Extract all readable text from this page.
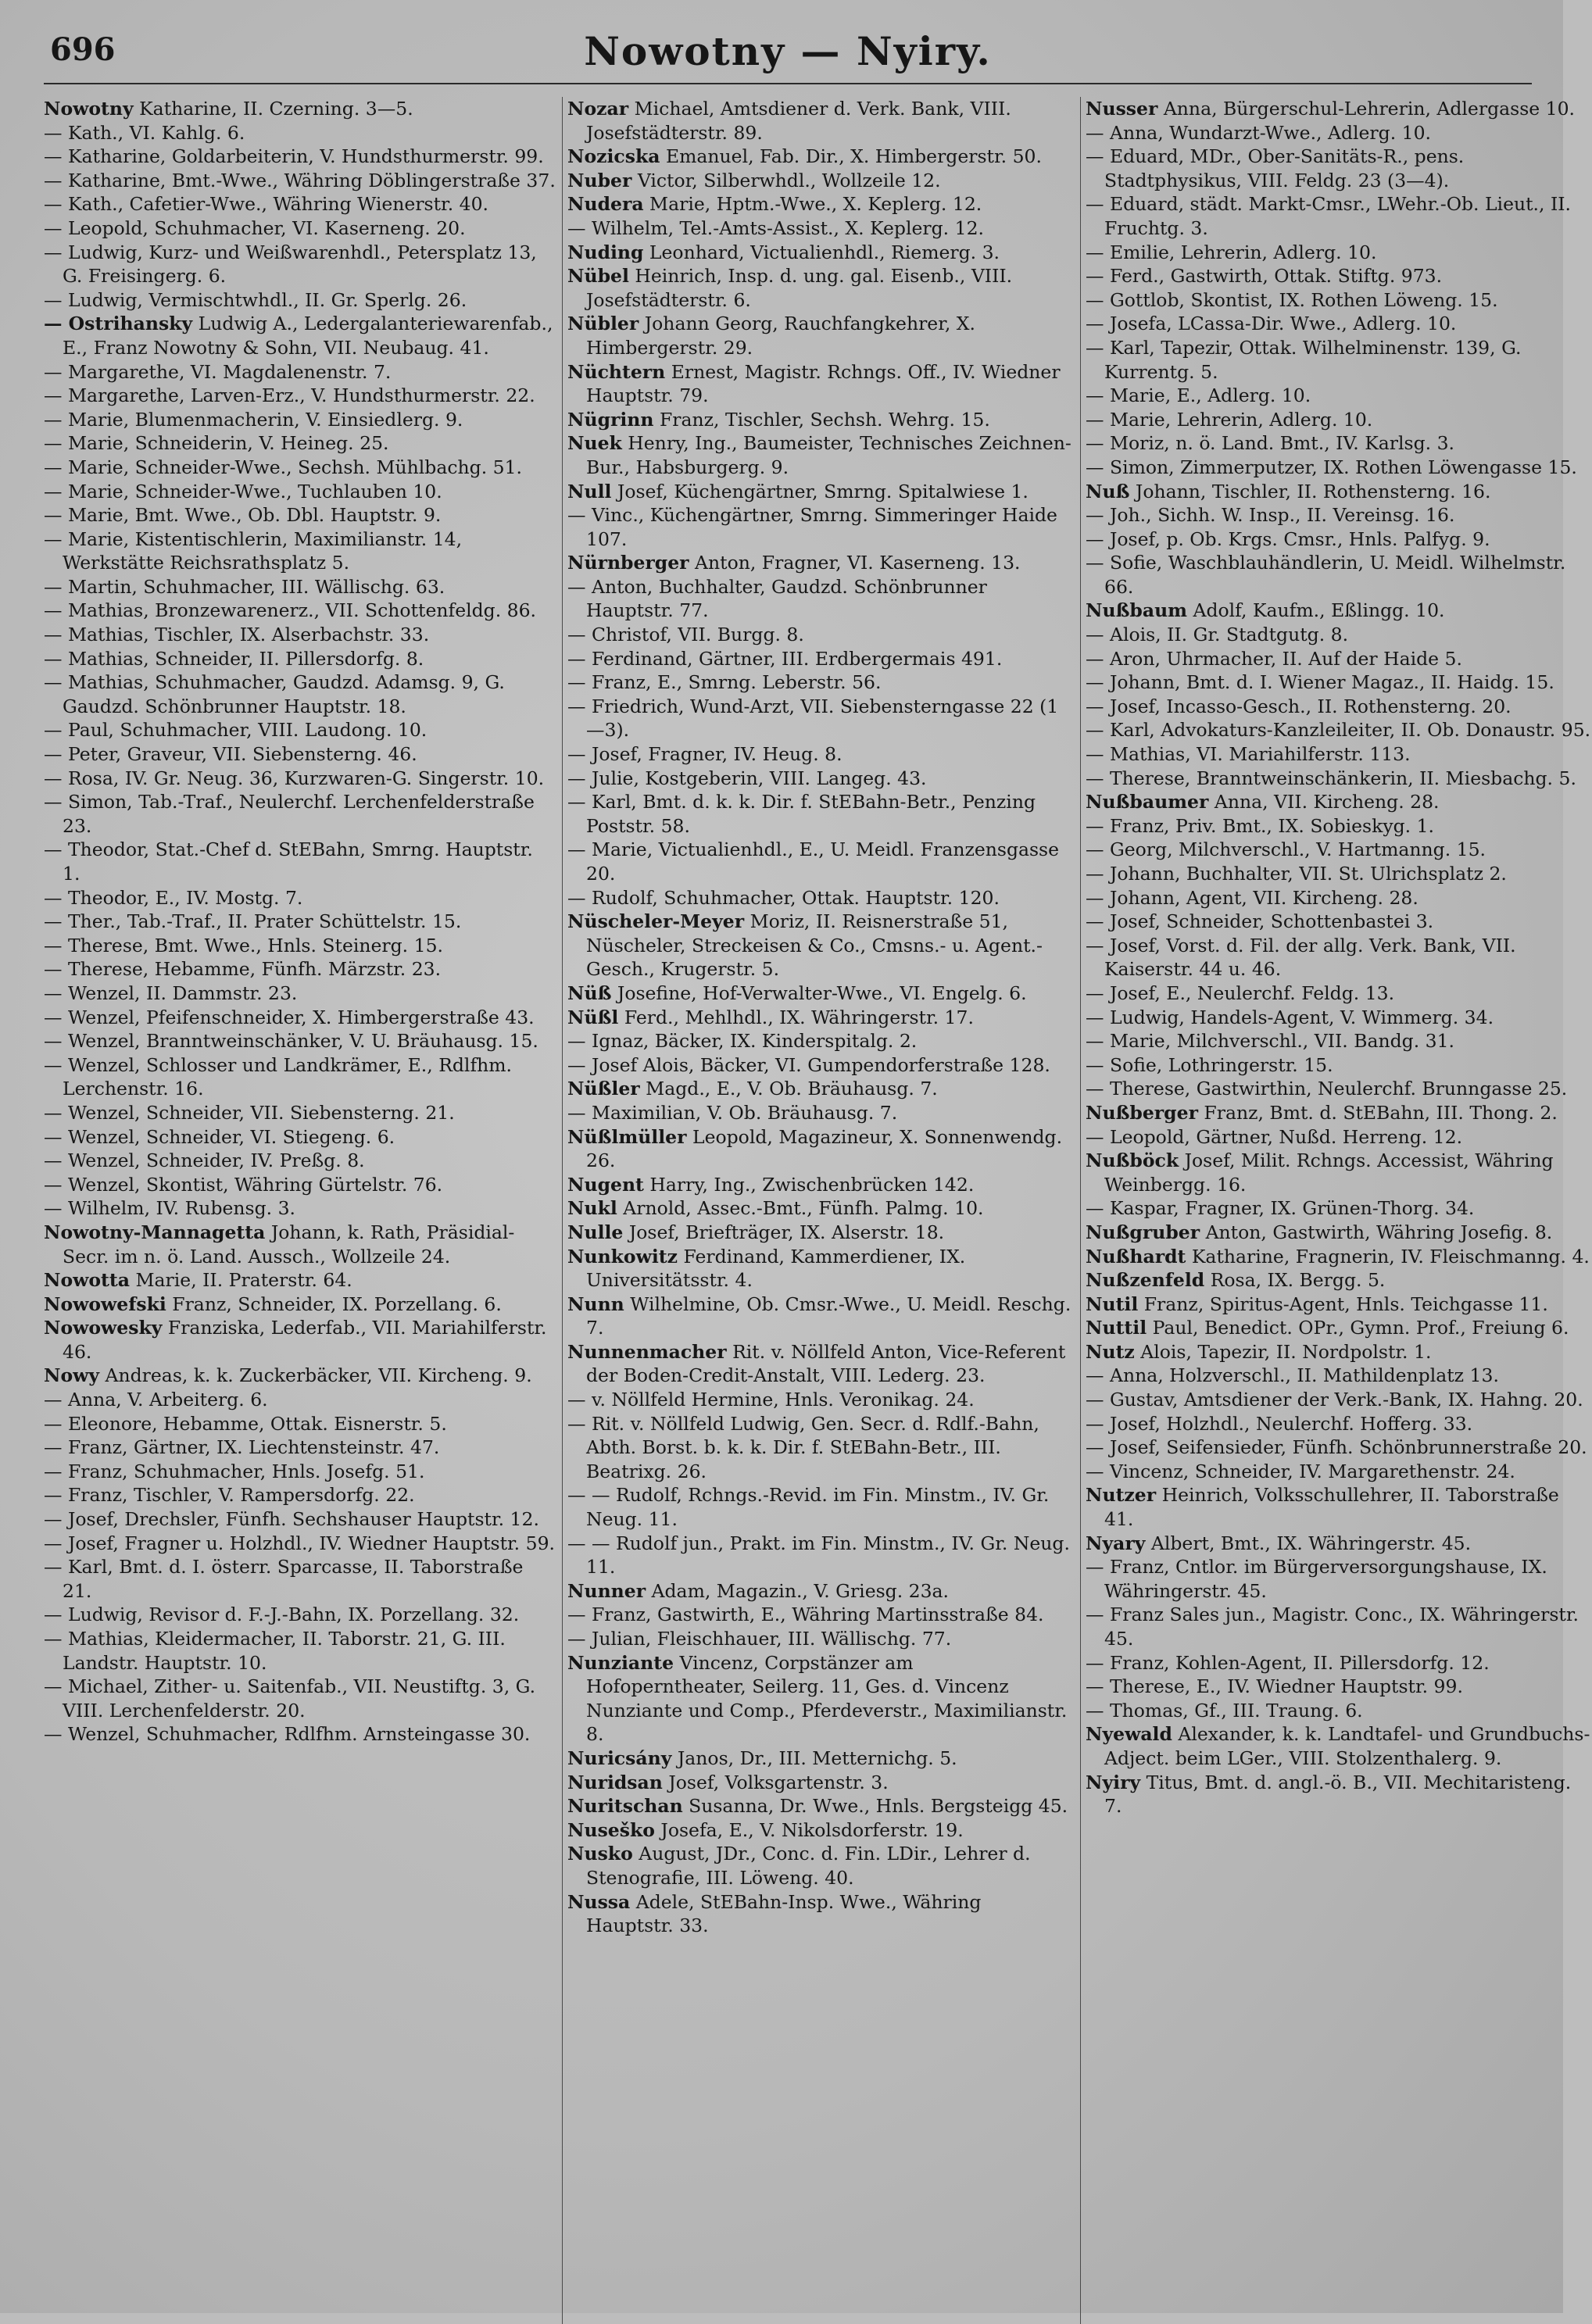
696	Nowotny — Nyiry.
Nowotny Katharine, II. Czerning. 3—5.
— Kath., VI. Kahlg. 6.
— Katharine, Goldarbeiterin, V. Hundsthurmerstr. 99.
— Katharine, Bmt.-Wwe., Währing Döblingerstraße 37.
— Kath., Cafetier-Wwe., Währing Wienerstr. 40.
— Leopold, Schuhmacher, VI. Kaserneng. 20.
— Ludwig, Kurz- und Weißwarenhdl., Petersplatz 13, G. Freisingerg. 6.
— Ludwig, Vermischtwhdl., II. Gr. Sperlg. 26.
— Ostrihansky Ludwig A., Ledergalanteriewarenfab., E., Franz Nowotny & Sohn, VII. Neubaug. 41.
— Margarethe, VI. Magdalenenstr. 7.
— Margarethe, Larven-Erz., V. Hundsthurmerstr. 22.
— Marie, Blumenmacherin, V. Einsiedlerg. 9.
— Marie, Schneiderin, V. Heineg. 25.
— Marie, Schneider-Wwe., Sechsh. Mühlbachg. 51.
— Marie, Schneider-Wwe., Tuchlauben 10.
— Marie, Bmt. Wwe., Ob. Dbl. Hauptstr. 9.
— Marie, Kistentischlerin, Maximilianstr. 14, Werkstätte Reichsrathsplatz 5.
— Martin, Schuhmacher, III. Wällischg. 63.
— Mathias, Bronzewarenerz., VII. Schottenfeldg. 86.
— Mathias, Tischler, IX. Alserbachstr. 33.
— Mathias, Schneider, II. Pillersdorfg. 8.
— Mathias, Schuhmacher, Gaudzd. Adamsg. 9, G. Gaudzd. Schönbrunner Hauptstr. 18.
— Paul, Schuhmacher, VIII. Laudong. 10.
— Peter, Graveur, VII. Siebensterng. 46.
— Rosa, IV. Gr. Neug. 36, Kurzwaren-G. Singerstr. 10.
— Simon, Tab.-Traf., Neulerchf. Lerchenfelderstraße 23.
— Theodor, Stat.-Chef d. StEBahn, Smrng. Hauptstr. 1.
— Theodor, E., IV. Mostg. 7.
— Ther., Tab.-Traf., II. Prater Schüttelstr. 15.
— Therese, Bmt. Wwe., Hnls. Steinerg. 15.
— Therese, Hebamme, Fünfh. Märzstr. 23.
— Wenzel, II. Dammstr. 23.
— Wenzel, Pfeifenschneider, X. Himbergerstraße 43.
— Wenzel, Branntweinschänker, V. U. Bräuhausg. 15.
— Wenzel, Schlosser und Landkrämer, E., Rdlfhm. Lerchenstr. 16.
— Wenzel, Schneider, VII. Siebensterng. 21.
— Wenzel, Schneider, VI. Stiegeng. 6.
— Wenzel, Schneider, IV. Preßg. 8.
— Wenzel, Skontist, Währing Gürtelstr. 76.
— Wilhelm, IV. Rubensg. 3.
Nowotny-Mannagetta Johann, k. Rath, Präsidial-Secr. im n. ö. Land. Aussch., Wollzeile 24.
Nowotta Marie, II. Praterstr. 64.
Nowowefski Franz, Schneider, IX. Porzellang. 6.
Nowowesky Franziska, Lederfab., VII. Mariahilferstr. 46.
Nowy Andreas, k. k. Zuckerbäcker, VII. Kircheng. 9.
— Anna, V. Arbeiterg. 6.
— Eleonore, Hebamme, Ottak. Eisnerstr. 5.
— Franz, Gärtner, IX. Liechtensteinstr. 47.
— Franz, Schuhmacher, Hnls. Josefg. 51.
— Franz, Tischler, V. Rampersdorfg. 22.
— Josef, Drechsler, Fünfh. Sechshauser Hauptstr. 12.
— Josef, Fragner u. Holzhdl., IV. Wiedner Hauptstr. 59.
— Karl, Bmt. d. I. österr. Sparcasse, II. Taborstraße 21.
— Ludwig, Revisor d. F.-J.-Bahn, IX. Porzellang. 32.
— Mathias, Kleidermacher, II. Taborstr. 21, G. III. Landstr. Hauptstr. 10.
— Michael, Zither- u. Saitenfab., VII. Neustiftg. 3, G. VIII. Lerchenfelderstr. 20.
— Wenzel, Schuhmacher, Rdlfhm. Arnsteingasse 30.
Nozar Michael, Amtsdiener d. Verk. Bank, VIII. Josefstädterstr. 89.
Nozicska Emanuel, Fab. Dir., X. Himbergerstr. 50.
Nuber Victor, Silberwhdl., Wollzeile 12.
Nudera Marie, Hptm.-Wwe., X. Keplerg. 12.
— Wilhelm, Tel.-Amts-Assist., X. Keplerg. 12.
Nuding Leonhard, Victualienhdl., Riemerg. 3.
Nübel Heinrich, Insp. d. ung. gal. Eisenb., VIII. Josefstädterstr. 6.
Nübler Johann Georg, Rauchfangkehrer, X. Himbergerstr. 29.
Nüchtern Ernest, Magistr. Rchngs. Off., IV. Wiedner Hauptstr. 79.
Nügrinn Franz, Tischler, Sechsh. Wehrg. 15.
Nuek Henry, Ing., Baumeister, Technisches Zeichnen-Bur., Habsburgerg. 9.
Null Josef, Küchengärtner, Smrng. Spitalwiese 1.
— Vinc., Küchengärtner, Smrng. Simmeringer Haide 107.
Nürnberger Anton, Fragner, VI. Kaserneng. 13.
— Anton, Buchhalter, Gaudzd. Schönbrunner Hauptstr. 77.
— Christof, VII. Burgg. 8.
— Ferdinand, Gärtner, III. Erdbergermais 491.
— Franz, E., Smrng. Leberstr. 56.
— Friedrich, Wund-Arzt, VII. Siebensterngasse 22 (1—3).
— Josef, Fragner, IV. Heug. 8.
— Julie, Kostgeberin, VIII. Langeg. 43.
— Karl, Bmt. d. k. k. Dir. f. StEBahn-Betr., Penzing Poststr. 58.
— Marie, Victualienhdl., E., U. Meidl. Franzensgasse 20.
— Rudolf, Schuhmacher, Ottak. Hauptstr. 120.
Nüscheler-Meyer Moriz, II. Reisnerstraße 51, Nüscheler, Streckeisen & Co., Cmsns.- u. Agent.-Gesch., Krugerstr. 5.
Nüß Josefine, Hof-Verwalter-Wwe., VI. Engelg. 6.
Nüßl Ferd., Mehlhdl., IX. Währingerstr. 17.
— Ignaz, Bäcker, IX. Kinderspitalg. 2.
— Josef Alois, Bäcker, VI. Gumpendorferstraße 128.
Nüßler Magd., E., V. Ob. Bräuhausg. 7.
— Maximilian, V. Ob. Bräuhausg. 7.
Nüßlmüller Leopold, Magazineur, X. Sonnenwendg. 26.
Nugent Harry, Ing., Zwischenbrücken 142.
Nukl Arnold, Assec.-Bmt., Fünfh. Palmg. 10.
Nulle Josef, Briefträger, IX. Alserstr. 18.
Nunkowitz Ferdinand, Kammerdiener, IX. Universitätsstr. 4.
Nunn Wilhelmine, Ob. Cmsr.-Wwe., U. Meidl. Reschg. 7.
Nunnenmacher Rit. v. Nöllfeld Anton, Vice-Referent der Boden-Credit-Anstalt, VIII. Lederg. 23.
— v. Nöllfeld Hermine, Hnls. Veronikag. 24.
— Rit. v. Nöllfeld Ludwig, Gen. Secr. d. Rdlf.-Bahn, Abth. Borst. b. k. k. Dir. f. StEBahn-Betr., III. Beatrixg. 26.
— — Rudolf, Rchngs.-Revid. im Fin. Minstm., IV. Gr. Neug. 11.
— — Rudolf jun., Prakt. im Fin. Minstm., IV. Gr. Neug. 11.
Nunner Adam, Magazin., V. Griesg. 23a.
— Franz, Gastwirth, E., Währing Martinsstraße 84.
— Julian, Fleischhauer, III. Wällischg. 77.
Nunziante Vincenz, Corpstänzer am Hofoperntheater, Seilerg. 11, Ges. d. Vincenz Nunziante und Comp., Pferdeverstr., Maximilianstr. 8.
Nuricsány Janos, Dr., III. Metternichg. 5.
Nuridsan Josef, Volksgartenstr. 3.
Nuritschan Susanna, Dr. Wwe., Hnls. Bergsteigg 45.
Nuseško Josefa, E., V. Nikolsdorferstr. 19.
Nusko August, JDr., Conc. d. Fin. LDir., Lehrer d. Stenografie, III. Löweng. 40.
Nussa Adele, StEBahn-Insp. Wwe., Währing Hauptstr. 33.
Nusser Anna, Bürgerschul-Lehrerin, Adlergasse 10.
— Anna, Wundarzt-Wwe., Adlerg. 10.
— Eduard, MDr., Ober-Sanitäts-R., pens. Stadtphysikus, VIII. Feldg. 23 (3—4).
— Eduard, städt. Markt-Cmsr., LWehr.-Ob. Lieut., II. Fruchtg. 3.
— Emilie, Lehrerin, Adlerg. 10.
— Ferd., Gastwirth, Ottak. Stiftg. 973.
— Gottlob, Skontist, IX. Rothen Löweng. 15.
— Josefa, LCassa-Dir. Wwe., Adlerg. 10.
— Karl, Tapezir, Ottak. Wilhelminenstr. 139, G. Kurrentg. 5.
— Marie, E., Adlerg. 10.
— Marie, Lehrerin, Adlerg. 10.
— Moriz, n. ö. Land. Bmt., IV. Karlsg. 3.
— Simon, Zimmerputzer, IX. Rothen Löwengasse 15.
Nuß Johann, Tischler, II. Rothensterng. 16.
— Joh., Sichh. W. Insp., II. Vereinsg. 16.
— Josef, p. Ob. Krgs. Cmsr., Hnls. Palfyg. 9.
— Sofie, Waschblauhändlerin, U. Meidl. Wilhelmstr. 66.
Nußbaum Adolf, Kaufm., Eßlingg. 10.
— Alois, II. Gr. Stadtgutg. 8.
— Aron, Uhrmacher, II. Auf der Haide 5.
— Johann, Bmt. d. I. Wiener Magaz., II. Haidg. 15.
— Josef, Incasso-Gesch., II. Rothensterng. 20.
— Karl, Advokaturs-Kanzleileiter, II. Ob. Donaustr. 95.
— Mathias, VI. Mariahilferstr. 113.
— Therese, Branntweinschänkerin, II. Miesbachg. 5.
Nußbaumer Anna, VII. Kircheng. 28.
— Franz, Priv. Bmt., IX. Sobieskyg. 1.
— Georg, Milchverschl., V. Hartmanng. 15.
— Johann, Buchhalter, VII. St. Ulrichsplatz 2.
— Johann, Agent, VII. Kircheng. 28.
— Josef, Schneider, Schottenbastei 3.
— Josef, Vorst. d. Fil. der allg. Verk. Bank, VII. Kaiserstr. 44 u. 46.
— Josef, E., Neulerchf. Feldg. 13.
— Ludwig, Handels-Agent, V. Wimmerg. 34.
— Marie, Milchverschl., VII. Bandg. 31.
— Sofie, Lothringerstr. 15.
— Therese, Gastwirthin, Neulerchf. Brunngasse 25.
Nußberger Franz, Bmt. d. StEBahn, III. Thong. 2.
— Leopold, Gärtner, Nußd. Herreng. 12.
Nußböck Josef, Milit. Rchngs. Accessist, Währing Weinbergg. 16.
— Kaspar, Fragner, IX. Grünen-Thorg. 34.
Nußgruber Anton, Gastwirth, Währing Josefig. 8.
Nußhardt Katharine, Fragnerin, IV. Fleischmanng. 4.
Nußzenfeld Rosa, IX. Bergg. 5.
Nutil Franz, Spiritus-Agent, Hnls. Teichgasse 11.
Nuttil Paul, Benedict. OPr., Gymn. Prof., Freiung 6.
Nutz Alois, Tapezir, II. Nordpolstr. 1.
— Anna, Holzverschl., II. Mathildenplatz 13.
— Gustav, Amtsdiener der Verk.-Bank, IX. Hahng. 20.
— Josef, Holzhdl., Neulerchf. Hofferg. 33.
— Josef, Seifensieder, Fünfh. Schönbrunnerstraße 20.
— Vincenz, Schneider, IV. Margarethenstr. 24.
Nutzer Heinrich, Volksschullehrer, II. Taborstraße 41.
Nyary Albert, Bmt., IX. Währingerstr. 45.
— Franz, Cntlor. im Bürgerversorgungshause, IX. Währingerstr. 45.
— Franz Sales jun., Magistr. Conc., IX. Währingerstr. 45.
— Franz, Kohlen-Agent, II. Pillersdorfg. 12.
— Therese, E., IV. Wiedner Hauptstr. 99.
— Thomas, Gf., III. Traung. 6.
Nyewald Alexander, k. k. Landtafel- und Grundbuchs-Adject. beim LGer., VIII. Stolzenthalerg. 9.
Nyiry Titus, Bmt. d. angl.-ö. B., VII. Mechitaristeng. 7.
